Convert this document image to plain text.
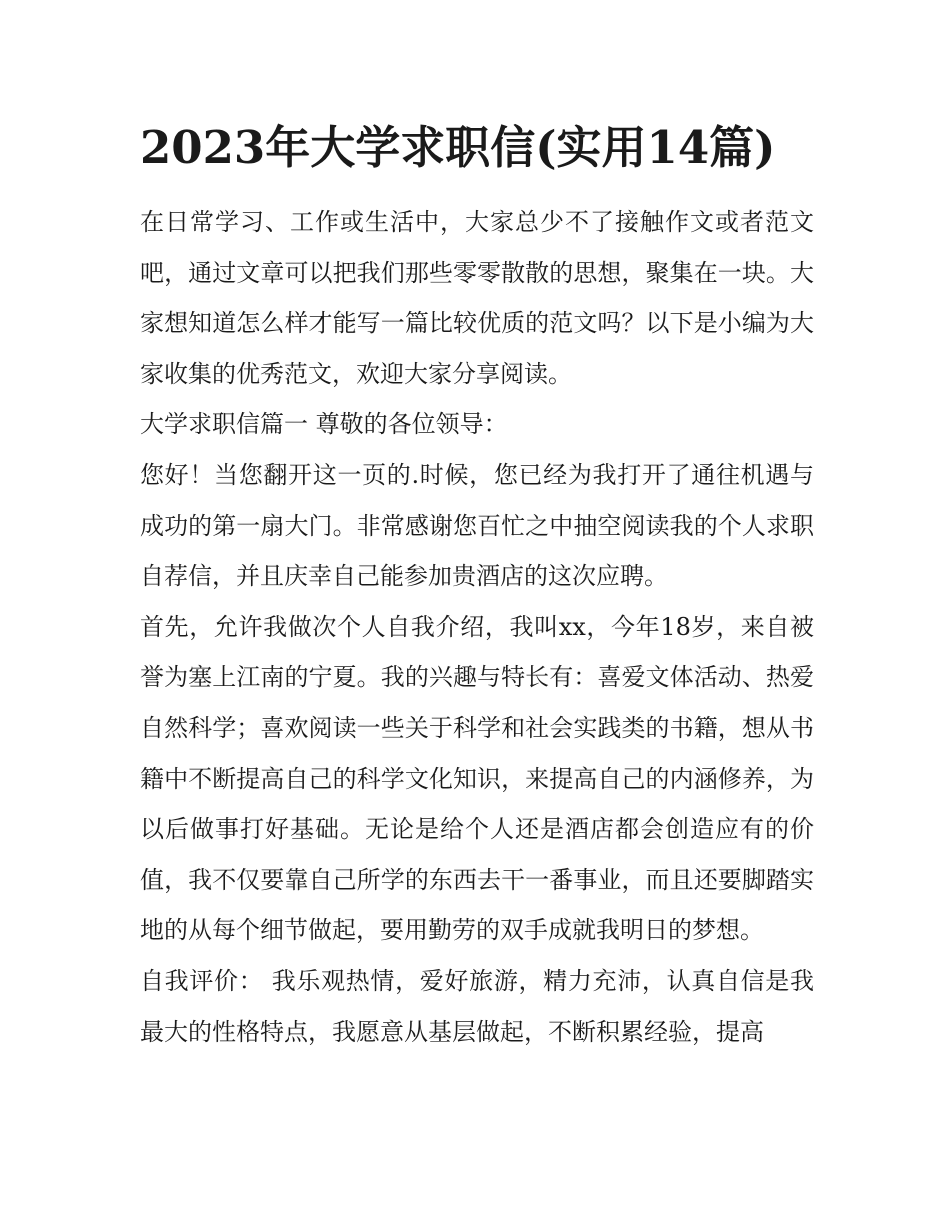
2023年大学求职信(实用14篇)

在日常学习、工作或生活中，大家总少不了接触作文或者范文吧，通过文章可以把我们那些零零散散的思想，聚集在一块。大家想知道怎么样才能写一篇比较优质的范文吗？以下是小编为大家收集的优秀范文，欢迎大家分享阅读。

大学求职信篇一 尊敬的各位领导：

您好！当您翻开这一页的.时候，您已经为我打开了通往机遇与成功的第一扇大门。非常感谢您百忙之中抽空阅读我的个人求职自荐信，并且庆幸自己能参加贵酒店的这次应聘。

首先，允许我做次个人自我介绍，我叫xx，今年18岁，来自被誉为塞上江南的宁夏。我的兴趣与特长有：喜爱文体活动、热爱自然科学；喜欢阅读一些关于科学和社会实践类的书籍，想从书籍中不断提高自己的科学文化知识，来提高自己的内涵修养，为以后做事打好基础。无论是给个人还是酒店都会创造应有的价值，我不仅要靠自己所学的东西去干一番事业，而且还要脚踏实地的从每个细节做起，要用勤劳的双手成就我明日的梦想。

自我评价： 我乐观热情，爱好旅游，精力充沛，认真自信是我最大的性格特点，我愿意从基层做起，不断积累经验，提高
